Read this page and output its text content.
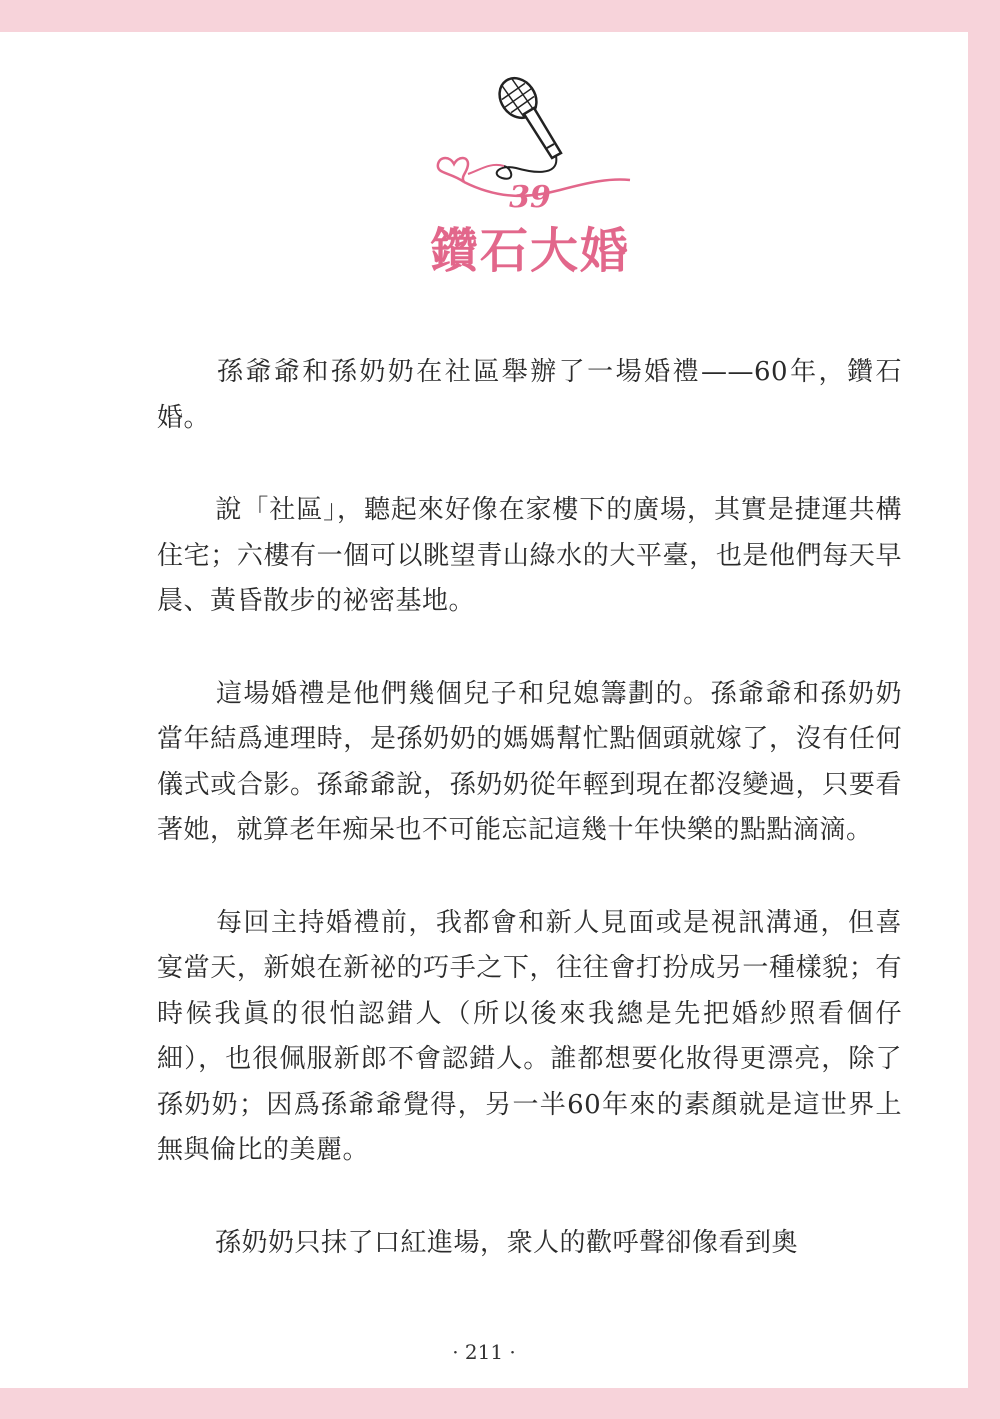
39
鑽石大婚

孫爺爺和孫奶奶在社區舉辦了一場婚禮——60年，鑽石婚。

說「社區」，聽起來好像在家樓下的廣場，其實是捷運共構住宅；六樓有一個可以眺望青山綠水的大平臺，也是他們每天早晨、黃昏散步的祕密基地。

這場婚禮是他們幾個兒子和兒媳籌劃的。孫爺爺和孫奶奶當年結爲連理時，是孫奶奶的媽媽幫忙點個頭就嫁了，沒有任何儀式或合影。孫爺爺說，孫奶奶從年輕到現在都沒變過，只要看著她，就算老年痴呆也不可能忘記這幾十年快樂的點點滴滴。

每回主持婚禮前，我都會和新人見面或是視訊溝通，但喜宴當天，新娘在新祕的巧手之下，往往會打扮成另一種樣貌；有時候我眞的很怕認錯人（所以後來我總是先把婚紗照看個仔細），也很佩服新郎不會認錯人。誰都想要化妝得更漂亮，除了孫奶奶；因爲孫爺爺覺得，另一半60年來的素顏就是這世界上無與倫比的美麗。

孫奶奶只抹了口紅進場，衆人的歡呼聲卻像看到奧

· 211 ·
